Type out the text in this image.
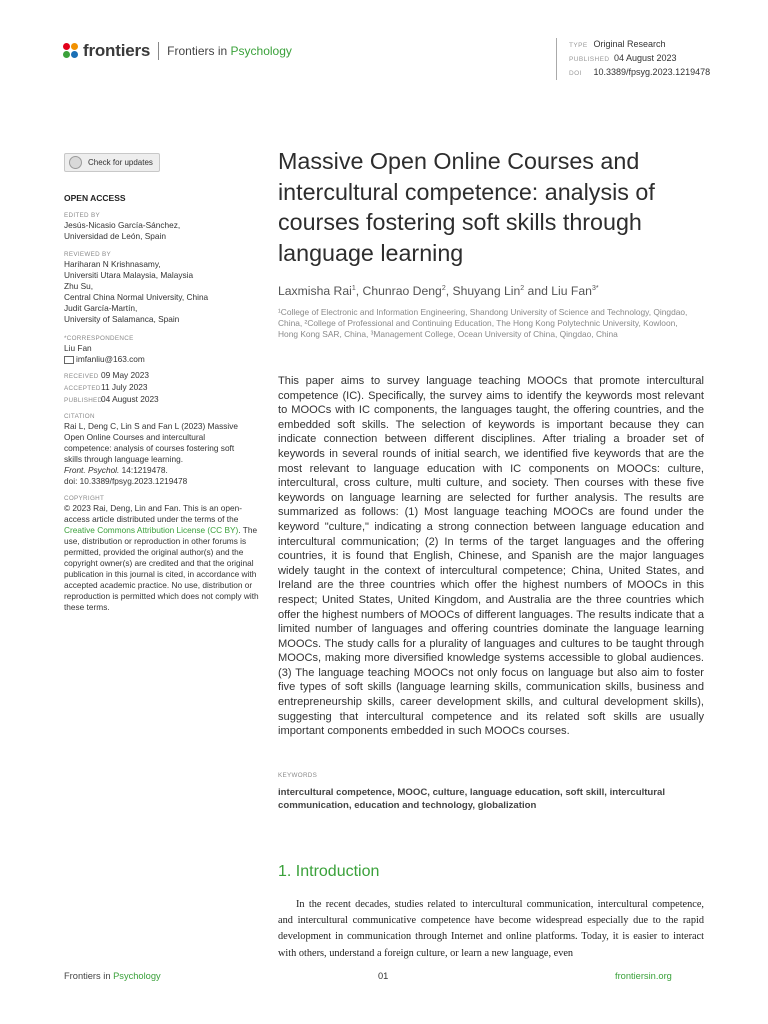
frontiers Frontiers in Psychology	TYPE Original Research
PUBLISHED 04 August 2023
DOI 10.3389/fpsyg.2023.1219478
Check for updates
OPEN ACCESS
EDITED BY
Jesús-Nicasio García-Sánchez,
Universidad de León, Spain
REVIEWED BY
Hariharan N Krishnasamy,
Universiti Utara Malaysia, Malaysia
Zhu Su,
Central China Normal University, China
Judit García-Martín,
University of Salamanca, Spain
*CORRESPONDENCE
Liu Fan
imfanliu@163.com
RECEIVED 09 May 2023
ACCEPTED11 July 2023
PUBLISHED04 August 2023
CITATION
Rai L, Deng C, Lin S and Fan L (2023) Massive
Open Online Courses and intercultural
competence: analysis of courses fostering soft
skills through language learning.
Front. Psychol. 14:1219478.
doi: 10.3389/fpsyg.2023.1219478
COPYRIGHT
© 2023 Rai, Deng, Lin and Fan. This is an open-access article distributed under the terms of the Creative Commons Attribution License (CC BY). The use, distribution or reproduction in other forums is permitted, provided the original author(s) and the copyright owner(s) are credited and that the original publication in this journal is cited, in accordance with accepted academic practice. No use, distribution or reproduction is permitted which does not comply with these terms.
Massive Open Online Courses and intercultural competence: analysis of courses fostering soft skills through language learning
Laxmisha Rai$^1$, Chunrao Deng$^2$, Shuyang Lin$^2$ and Liu Fan$^{3*}$
¹College of Electronic and Information Engineering, Shandong University of Science and Technology, Qingdao, China, ²College of Professional and Continuing Education, The Hong Kong Polytechnic University, Kowloon, Hong Kong SAR, China, ³Management College, Ocean University of China, Qingdao, China
This paper aims to survey language teaching MOOCs that promote intercultural competence (IC). Specifically, the survey aims to identify the keywords most relevant to MOOCs with IC components, the languages taught, the offering countries, and the embedded soft skills. The selection of keywords is important because they can indicate connection between different disciplines. After trialing a broader set of keywords in several rounds of initial search, we identified five keywords that are the most relevant to language education with IC components on MOOCs: culture, intercultural, cross culture, multi culture, and society. Then courses with these five keywords on language learning are selected for further analysis. The results are summarized as follows: (1) Most language teaching MOOCs are found under the keyword "culture," indicating a strong connection between language education and intercultural communication; (2) In terms of the target languages and the offering countries, it is found that English, Chinese, and Spanish are the major languages widely taught in the context of intercultural competence; China, United States, and Ireland are the three countries which offer the highest numbers of MOOCs in this respect; United States, United Kingdom, and Australia are the three countries which offer the highest numbers of MOOCs of different languages. The results indicate that a limited number of languages and offering countries dominate the language learning MOOCs. The study calls for a plurality of languages and cultures to be taught through MOOCs, making more diversified knowledge systems accessible to global audiences. (3) The language teaching MOOCs not only focus on language but also aim to foster five types of soft skills (language learning skills, communication skills, business and entrepreneurship skills, career development skills, and cultural development skills), suggesting that intercultural competence and its related soft skills are usually important components embedded in such MOOCs courses.
KEYWORDS
intercultural competence, MOOC, culture, language education, soft skill, intercultural communication, education and technology, globalization
1. Introduction
In the recent decades, studies related to intercultural communication, intercultural competence, and intercultural communicative competence have become widespread especially due to the rapid development in communication through Internet and online platforms. Today, it is easier to interact with others, understand a foreign culture, or learn a new language, even
Frontiers in Psychology	01	frontiersin.org
